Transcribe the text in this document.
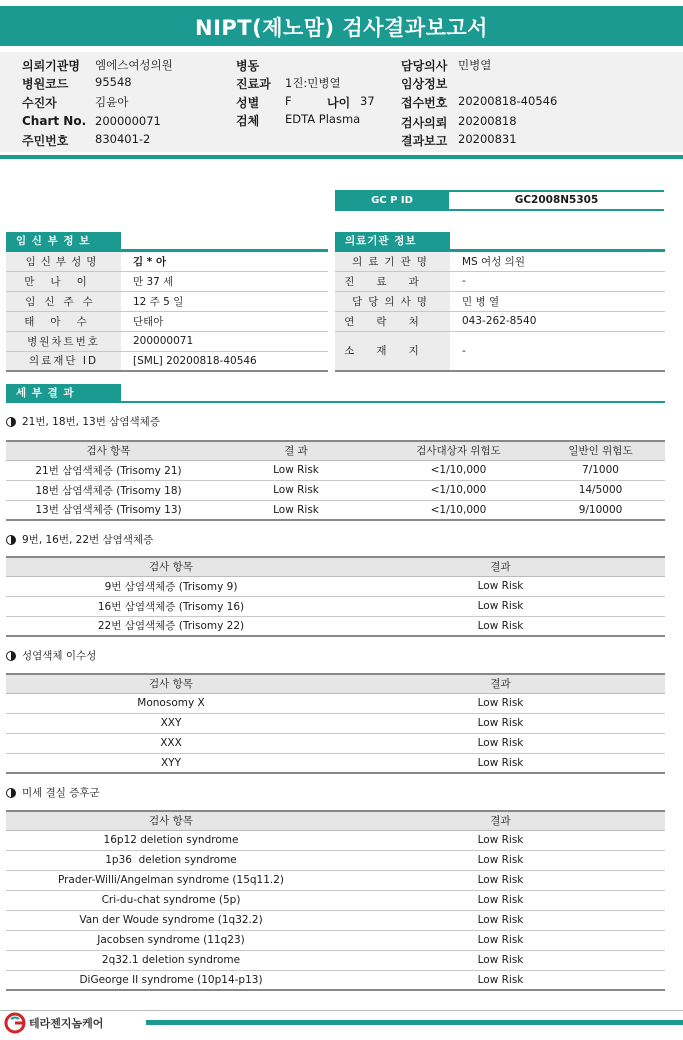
NIPT(제노맘) 검사결과보고서
의뢰기관명 엠에스여성의원
병원코드 95548
수진자	김윤아
Chart No. 200000071
주민번호 830401-2
병동
진료과 1진:민병열
성별 F	나이 37
검체 EDTA Plasma
담당의사 민병열
임상정보
접수번호 20200818-40546
검사의뢰 20200818
결과보고 20200831
GC P ID	GC2008N5305
임 신 부 정 보
임신부성명	김 * 아
만나이	만 37 세
임신주수	12 주 5 일
태아수	단태아
병원차트번호	200000071
의료재단 ID	[SML] 20200818-40546
의료기관 정보
의료기관명	MS 여성 의원
진료과	-
담당의사명	민 병 열
연락처	043-262-8540
소재지	-
세 부 결 과
21번, 18번, 13번 삼염색체증
검사 항목	결 과	검사대상자 위험도	일반인 위험도
21번 삼염색체증 (Trisomy 21)	Low Risk	<1/10,000	7/1000
18번 삼염색체증 (Trisomy 18)	Low Risk	<1/10,000	14/5000
13번 삼염색체증 (Trisomy 13)	Low Risk	<1/10,000	9/10000
9번, 16번, 22번 삼염색체증
검사 항목	결과
9번 삼염색체증 (Trisomy 9)	Low Risk
16번 삼염색체증 (Trisomy 16)	Low Risk
22번 삼염색체증 (Trisomy 22)	Low Risk
성염색체 이수성
검사 항목	결과
Monosomy X	Low Risk
XXY	Low Risk
XXX	Low Risk
XYY	Low Risk
미세 결실 증후군
검사 항목	결과
16p12 deletion syndrome	Low Risk
1p36  deletion syndrome	Low Risk
Prader-Willi/Angelman syndrome (15q11.2)	Low Risk
Cri-du-chat syndrome (5p)	Low Risk
Van der Woude syndrome (1q32.2)	Low Risk
Jacobsen syndrome (11q23)	Low Risk
2q32.1 deletion syndrome	Low Risk
DiGeorge II syndrome (10p14-p13)	Low Risk
테라젠지놈케어
